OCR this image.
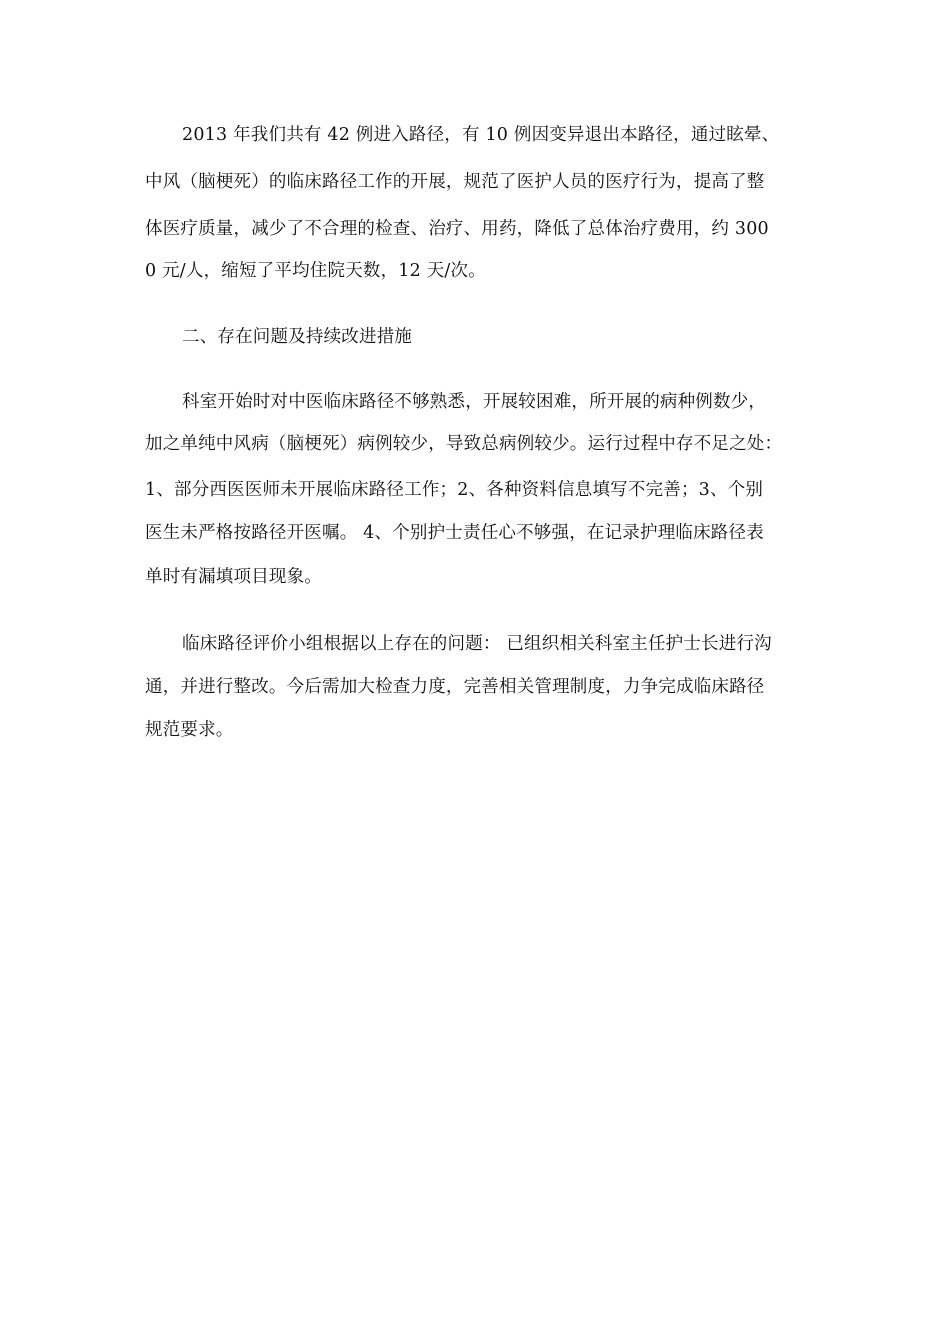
2013 年我们共有 42 例进入路径，有 10 例因变异退出本路径，通过眩晕、
中风（脑梗死）的临床路径工作的开展，规范了医护人员的医疗行为，提高了整
体医疗质量，减少了不合理的检查、治疗、用药，降低了总体治疗费用，约 300
0 元/人，缩短了平均住院天数，12 天/次。
二、存在问题及持续改进措施
科室开始时对中医临床路径不够熟悉，开展较困难，所开展的病种例数少，
加之单纯中风病（脑梗死）病例较少，导致总病例较少。运行过程中存不足之处：
1、部分西医医师未开展临床路径工作；2、各种资料信息填写不完善；3、个别
医生未严格按路径开医嘱。 4、个别护士责任心不够强，在记录护理临床路径表
单时有漏填项目现象。
临床路径评价小组根据以上存在的问题： 已组织相关科室主任护士长进行沟
通，并进行整改。今后需加大检查力度，完善相关管理制度，力争完成临床路径
规范要求。
